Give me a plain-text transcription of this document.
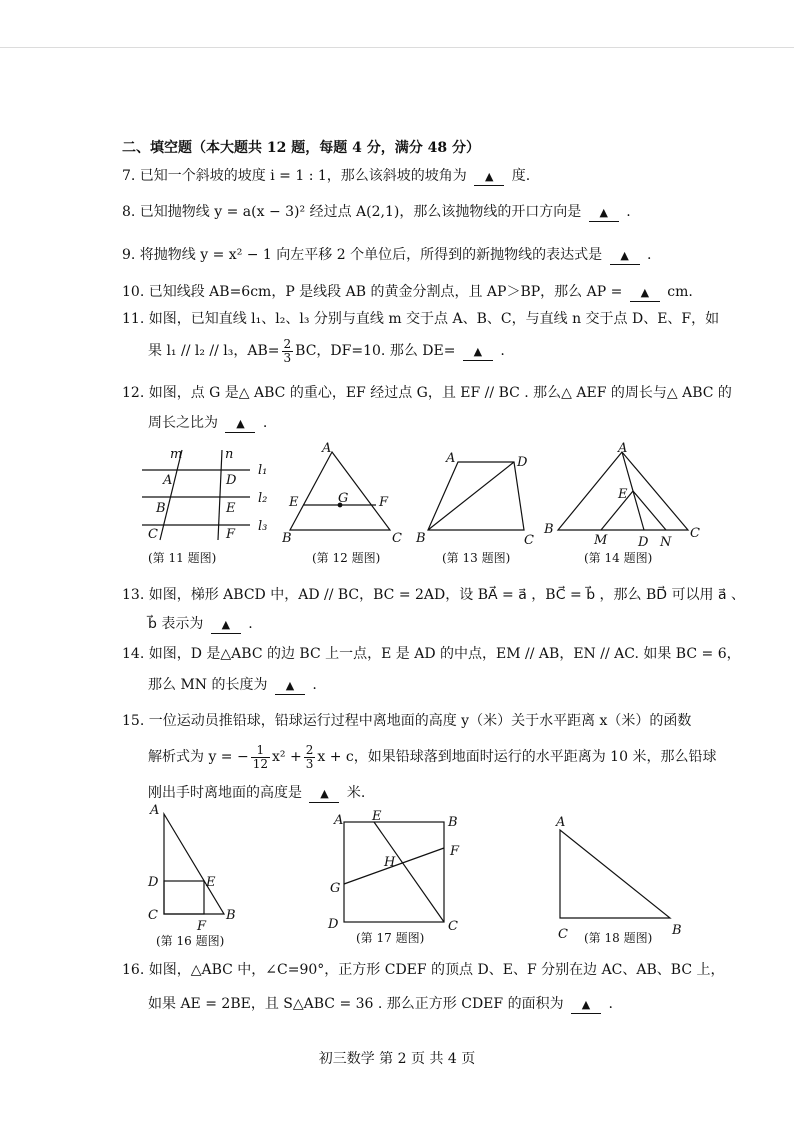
二、填空题（本大题共 12 题，每题 4 分，满分 48 分）
7. 已知一个斜坡的坡度 i = 1 : 1，那么该斜坡的坡角为 ▲ 度.
8. 已知抛物线 y = a(x − 3)² 经过点 A(2,1)，那么该抛物线的开口方向是 ▲ .
9. 将抛物线 y = x² − 1 向左平移 2 个单位后，所得到的新抛物线的表达式是 ▲ .
10. 已知线段 AB=6cm，P 是线段 AB 的黄金分割点，且 AP＞BP，那么 AP = ▲ cm.
11. 如图，已知直线 l₁、l₂、l₃ 分别与直线 m 交于点 A、B、C，与直线 n 交于点 D、E、F，如
果 l₁ // l₂ // l₃，$AB= \frac{2}{3}$ BC，DF=10. 那么 DE= ▲ .
12. 如图，点 G 是△ ABC 的重心，EF 经过点 G，且 EF // BC . 那么△ AEF 的周长与△ ABC 的
周长之比为 ▲ .
m	n
l₁
l₂
l₃
A
B
C
D
E
F
(第 11 题图)
A
B	C
E	F
G
(第 12 题图)
A	D
B	C
(第 13 题图)
A
B	C
E
M D N
(第 14 题图)
13. 如图，梯形 ABCD 中，AD // BC，BC = 2AD，设 BA⃗ = a⃗ ，BC⃗ = b⃗ ，那么 BD⃗ 可以用 a⃗ 、
b⃗ 表示为 ▲ .
14. 如图，D 是△ABC 的边 BC 上一点，E 是 AD 的中点，EM // AB，EN // AC. 如果 BC = 6，
那么 MN 的长度为 ▲ .
15. 一位运动员推铅球，铅球运行过程中离地面的高度 y（米）关于水平距离 x（米）的函数
解析式为 y = − $\frac{1}{12} x^2 + \frac{2}{3}$ x + c，如果铅球落到地面时运行的水平距离为 10 米，那么铅球
刚出手时离地面的高度是 ▲ 米.
A
B
C
D	E
F
(第 16 题图)
A E	B
F
H
G
D	C
(第 17 题图)
A
C	B
(第 18 题图)
16. 如图，△ABC 中，∠C=90°，正方形 CDEF 的顶点 D、E、F 分别在边 AC、AB、BC 上，
如果 AE = 2BE，且 S△ABC = 36 . 那么正方形 CDEF 的面积为 ▲ .
初三数学 第 2 页 共 4 页
